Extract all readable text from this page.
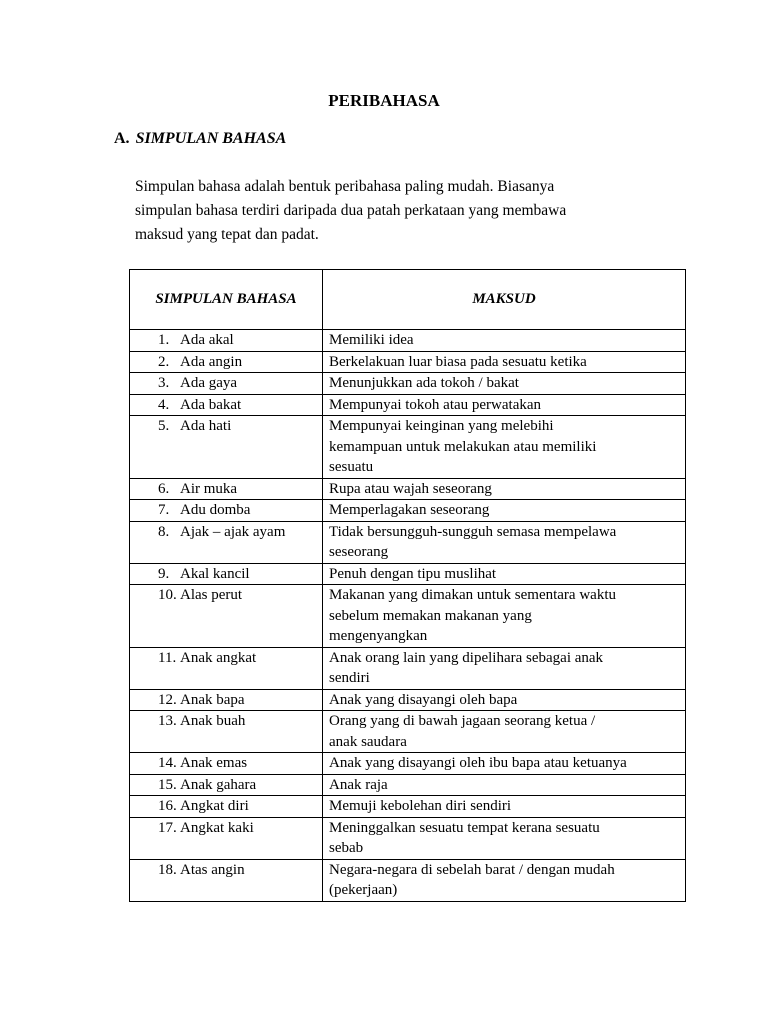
PERIBAHASA
A. SIMPULAN BAHASA
Simpulan bahasa adalah bentuk peribahasa paling mudah. Biasanya
simpulan bahasa terdiri daripada dua patah perkataan yang membawa
maksud yang tepat dan padat.
SIMPULAN BAHASA	MAKSUD
1. Ada akal	Memiliki idea

2. Ada angin	Berkelakuan luar biasa pada sesuatu ketika

3. Ada gaya	Menunjukkan ada tokoh / bakat

4. Ada bakat	Mempunyai tokoh atau perwatakan

5. Ada hati	Mempunyai keinginan yang melebihi
kemampuan untuk melakukan atau memiliki
sesuatu

6. Air muka	Rupa atau wajah seseorang

7. Adu domba	Memperlagakan seseorang

8. Ajak – ajak ayam	Tidak bersungguh-sungguh semasa mempelawa
seseorang

9. Akal kancil	Penuh dengan tipu muslihat

10. Alas perut	Makanan yang dimakan untuk sementara waktu
sebelum memakan makanan yang
mengenyangkan

11. Anak angkat	Anak orang lain yang dipelihara sebagai anak
sendiri

12. Anak bapa	Anak yang disayangi oleh bapa

13. Anak buah	Orang yang di bawah jagaan seorang ketua /
anak saudara

14. Anak emas	Anak yang disayangi oleh ibu bapa atau ketuanya

15. Anak gahara	Anak raja

16. Angkat diri	Memuji kebolehan diri sendiri

17. Angkat kaki	Meninggalkan sesuatu tempat kerana sesuatu
sebab

18. Atas angin	Negara-negara di sebelah barat / dengan mudah
(pekerjaan)
